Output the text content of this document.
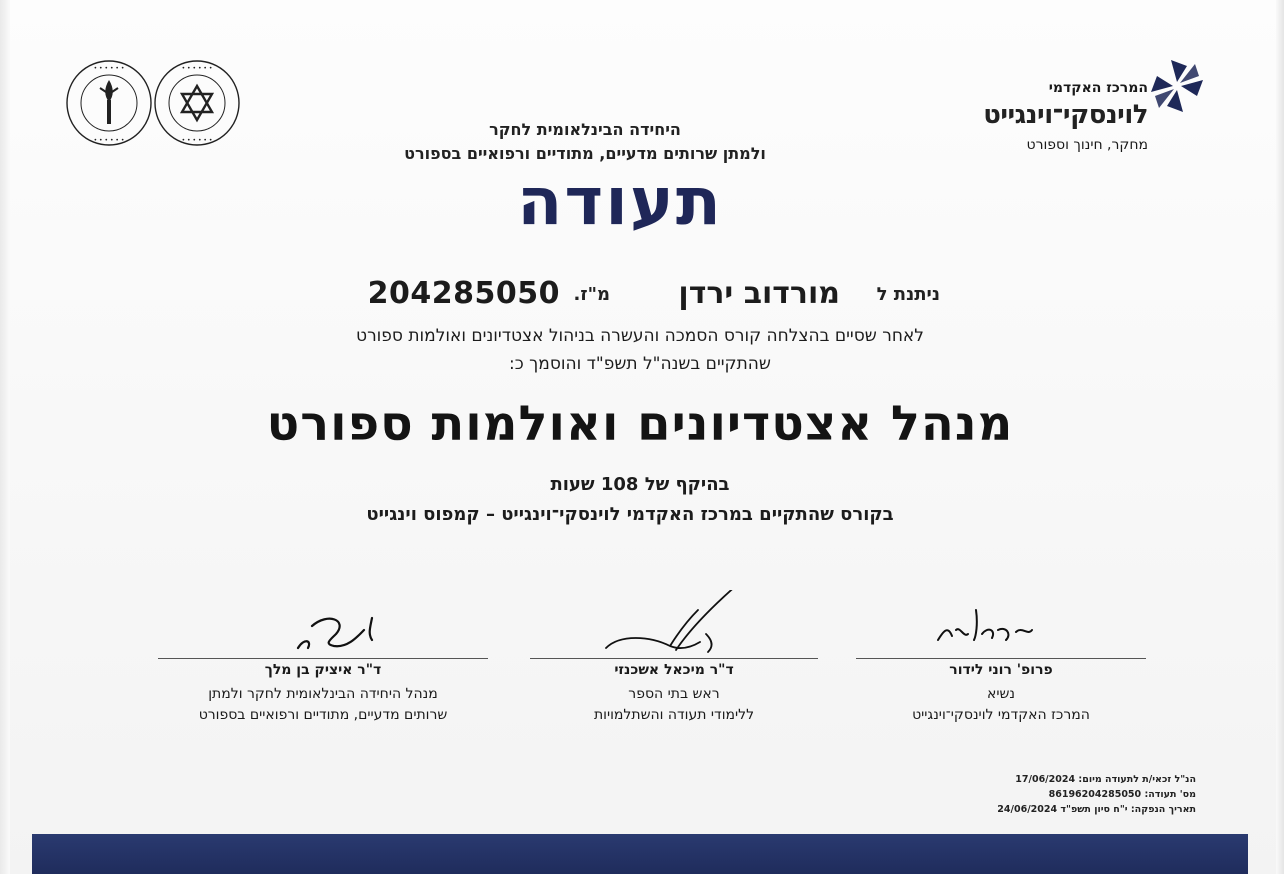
• • • • • •
• • • • • •
• • • • • •
• • • • • •
המרכז האקדמי
לוינסקי־וינגייט
מחקר, חינוך וספורט
היחידה הבינלאומית לחקר
ולמתן שרותים מדעיים, מתודיים ורפואיים בספורט
תעודה
ניתנת ל
מורדוב ירדן
מ"ז.
204285050
לאחר שסיים בהצלחה קורס הסמכה והעשרה בניהול אצטדיונים ואולמות ספורט
שהתקיים בשנה"ל תשפ"ד והוסמך כ:
מנהל אצטדיונים ואולמות ספורט
בהיקף של 108 שעות
בקורס שהתקיים במרכז האקדמי לוינסקי־וינגייט – קמפוס וינגייט
פרופ' רוני לידור
נשיא
המרכז האקדמי לוינסקי־וינגייט
ד"ר מיכאל אשכנזי
ראש בתי הספר
ללימודי תעודה והשתלמויות
ד"ר איציק בן מלך
מנהל היחידה הבינלאומית לחקר ולמתן
שרותים מדעיים, מתודיים ורפואיים בספורט
הנ"ל זכאי/ת לתעודה מיום: 17/06/2024
מס' תעודה: 86196204285050
תאריך הנפקה: י"ח סיון תשפ"ד 24/06/2024
